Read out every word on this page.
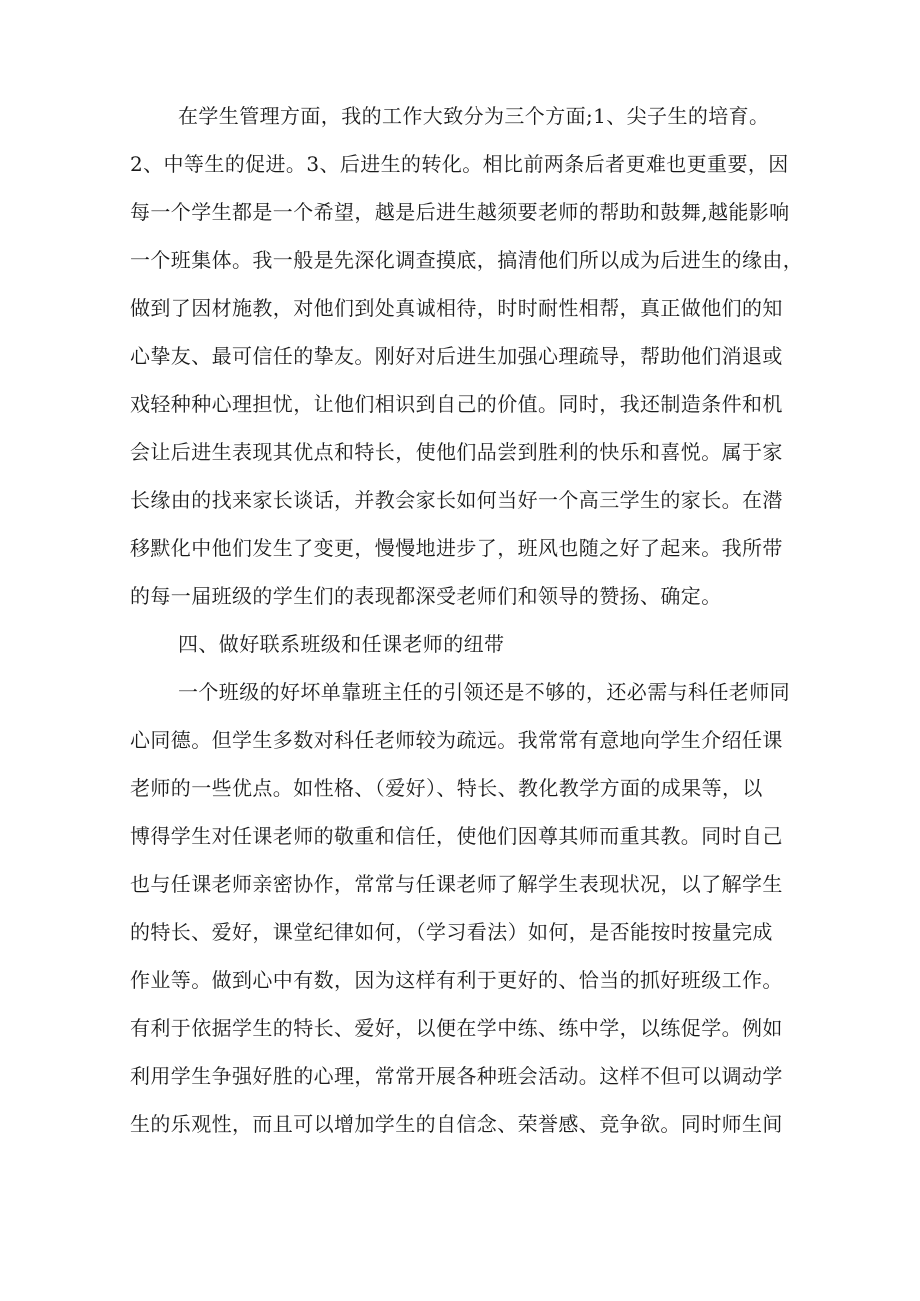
在学生管理方面，我的工作大致分为三个方面;1、尖子生的培育。
2、中等生的促进。3、后进生的转化。相比前两条后者更难也更重要，因
每一个学生都是一个希望，越是后进生越须要老师的帮助和鼓舞,越能影响
一个班集体。我一般是先深化调查摸底，搞清他们所以成为后进生的缘由，
做到了因材施教，对他们到处真诚相待，时时耐性相帮，真正做他们的知
心挚友、最可信任的挚友。刚好对后进生加强心理疏导，帮助他们消退或
戏轻种种心理担忧，让他们相识到自己的价值。同时，我还制造条件和机
会让后进生表现其优点和特长，使他们品尝到胜利的快乐和喜悦。属于家
长缘由的找来家长谈话，并教会家长如何当好一个高三学生的家长。在潜
移默化中他们发生了变更，慢慢地进步了，班风也随之好了起来。我所带
的每一届班级的学生们的表现都深受老师们和领导的赞扬、确定。
四、做好联系班级和任课老师的纽带
一个班级的好坏单靠班主任的引领还是不够的，还必需与科任老师同
心同德。但学生多数对科任老师较为疏远。我常常有意地向学生介绍任课
老师的一些优点。如性格、（爱好）、特长、教化教学方面的成果等，以
博得学生对任课老师的敬重和信任，使他们因尊其师而重其教。同时自己
也与任课老师亲密协作，常常与任课老师了解学生表现状况，以了解学生
的特长、爱好，课堂纪律如何，（学习看法）如何，是否能按时按量完成
作业等。做到心中有数，因为这样有利于更好的、恰当的抓好班级工作。
有利于依据学生的特长、爱好，以便在学中练、练中学，以练促学。例如
利用学生争强好胜的心理，常常开展各种班会活动。这样不但可以调动学
生的乐观性，而且可以增加学生的自信念、荣誉感、竞争欲。同时师生间
